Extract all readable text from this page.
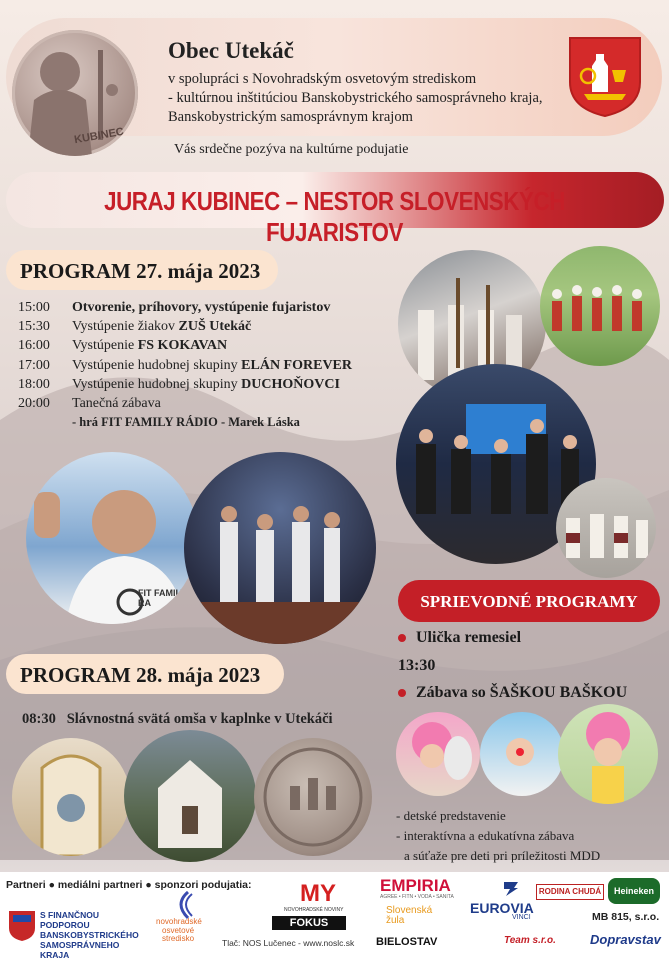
KUBINEC
Obec Utekáč
v spolupráci s Novohradským osvetovým strediskom
- kultúrnou inštitúciou Banskobystrického samosprávneho kraja,
Banskobystrickým samosprávnym krajom
Vás srdečne pozýva na kultúrne podujatie
JURAJ KUBINEC – NESTOR SLOVENSKÝCH FUJARISTOV
PROGRAM 27. mája 2023
15:00 Otvorenie, príhovory, vystúpenie fujaristov
15:30 Vystúpenie žiakov ZUŠ Utekáč
16:00 Vystúpenie FS KOKAVAN
17:00 Vystúpenie hudobnej skupiny ELÁN FOREVER
18:00 Vystúpenie hudobnej skupiny DUCHOŇOVCI
20:00 Tanečná zábava
- hrá FIT FAMILY RÁDIO - Marek Láska
FIT FAMILY RA	SPRIEVODNÉ PROGRAMY
Ulička remesiel
13:30
Zábava so ŠAŠKOU BAŠKOU
PROGRAM 28. mája 2023
08:30 Slávnostná svätá omša v kaplnke v Utekáči
- detské predstavenie
- interaktívna a edukatívna zábava
a súťaže pre deti pri príležitosti MDD
Partneri ● mediálni partneri ● sponzori podujatia:
S FINANČNOU PODPOROU BANSKOBYSTRICKÉHO SAMOSPRÁVNEHO KRAJA
novohradské
osvetové
stredisko
MY
NOVOHRADSKÉ NOVINY
FOKUS
Tlač: NOS Lučenec - www.noslc.sk
EMPIRIA
AGREE • FITN • VODA • SANITA
Slovenská
žula
EUROVIA
VINCI
RODINA CHUDÁ	Heineken
MB 815, s.r.o.
BIELOSTAV	Team s.r.o.	Dopravstav
